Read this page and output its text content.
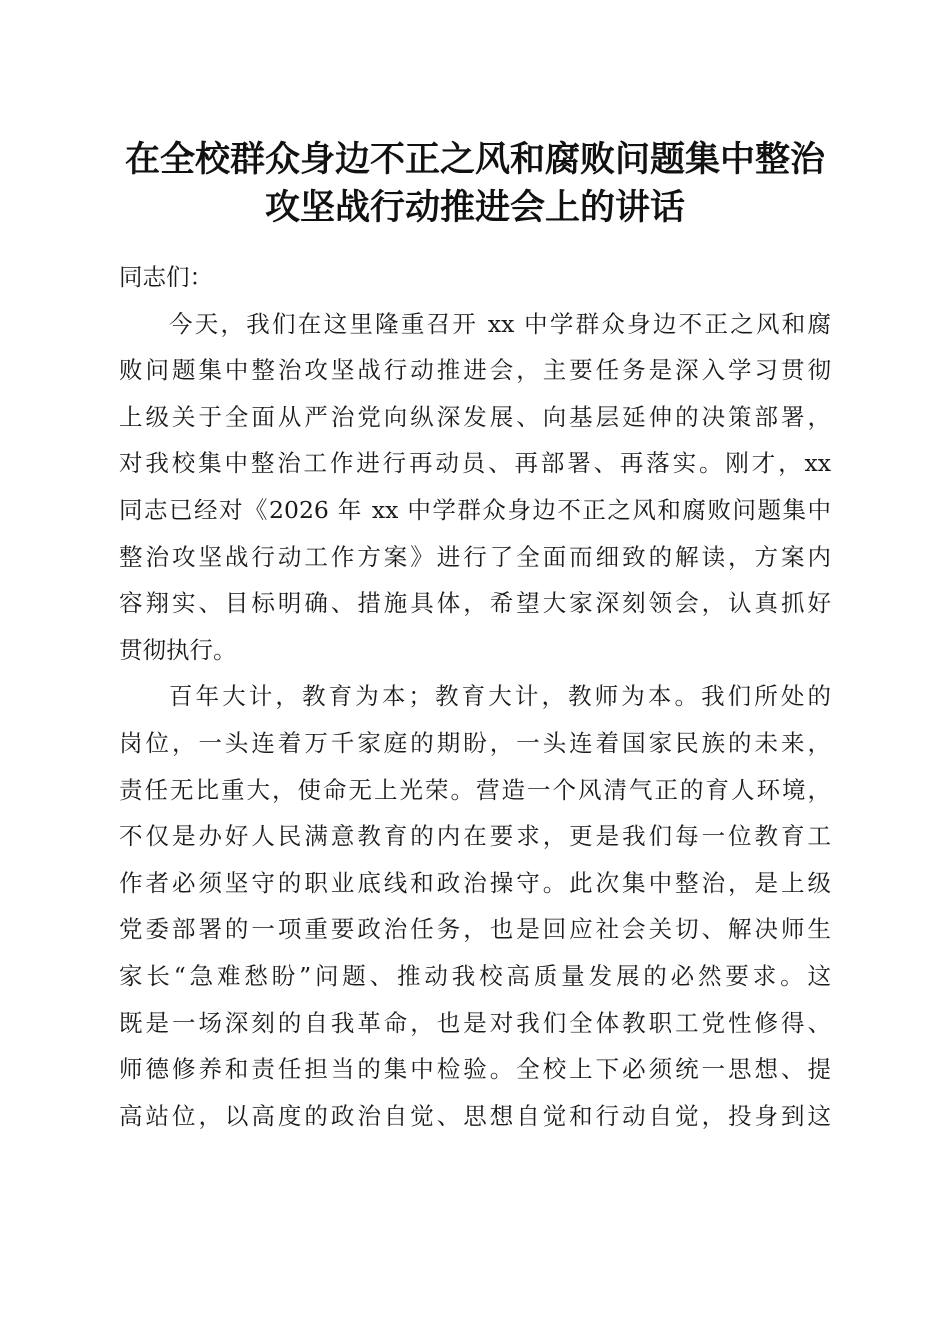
在全校群众身边不正之风和腐败问题集中整治
攻坚战行动推进会上的讲话
同志们：
今天，我们在这里隆重召开 xx 中学群众身边不正之风和腐
败问题集中整治攻坚战行动推进会，主要任务是深入学习贯彻
上级关于全面从严治党向纵深发展、向基层延伸的决策部署，
对我校集中整治工作进行再动员、再部署、再落实。刚才，xx
同志已经对《2026 年 xx 中学群众身边不正之风和腐败问题集中
整治攻坚战行动工作方案》进行了全面而细致的解读，方案内
容翔实、目标明确、措施具体，希望大家深刻领会，认真抓好
贯彻执行。
百年大计，教育为本；教育大计，教师为本。我们所处的
岗位，一头连着万千家庭的期盼，一头连着国家民族的未来，
责任无比重大，使命无上光荣。营造一个风清气正的育人环境，
不仅是办好人民满意教育的内在要求，更是我们每一位教育工
作者必须坚守的职业底线和政治操守。此次集中整治，是上级
党委部署的一项重要政治任务，也是回应社会关切、解决师生
家长“急难愁盼”问题、推动我校高质量发展的必然要求。这
既是一场深刻的自我革命，也是对我们全体教职工党性修得、
师德修养和责任担当的集中检验。全校上下必须统一思想、提
高站位，以高度的政治自觉、思想自觉和行动自觉，投身到这
